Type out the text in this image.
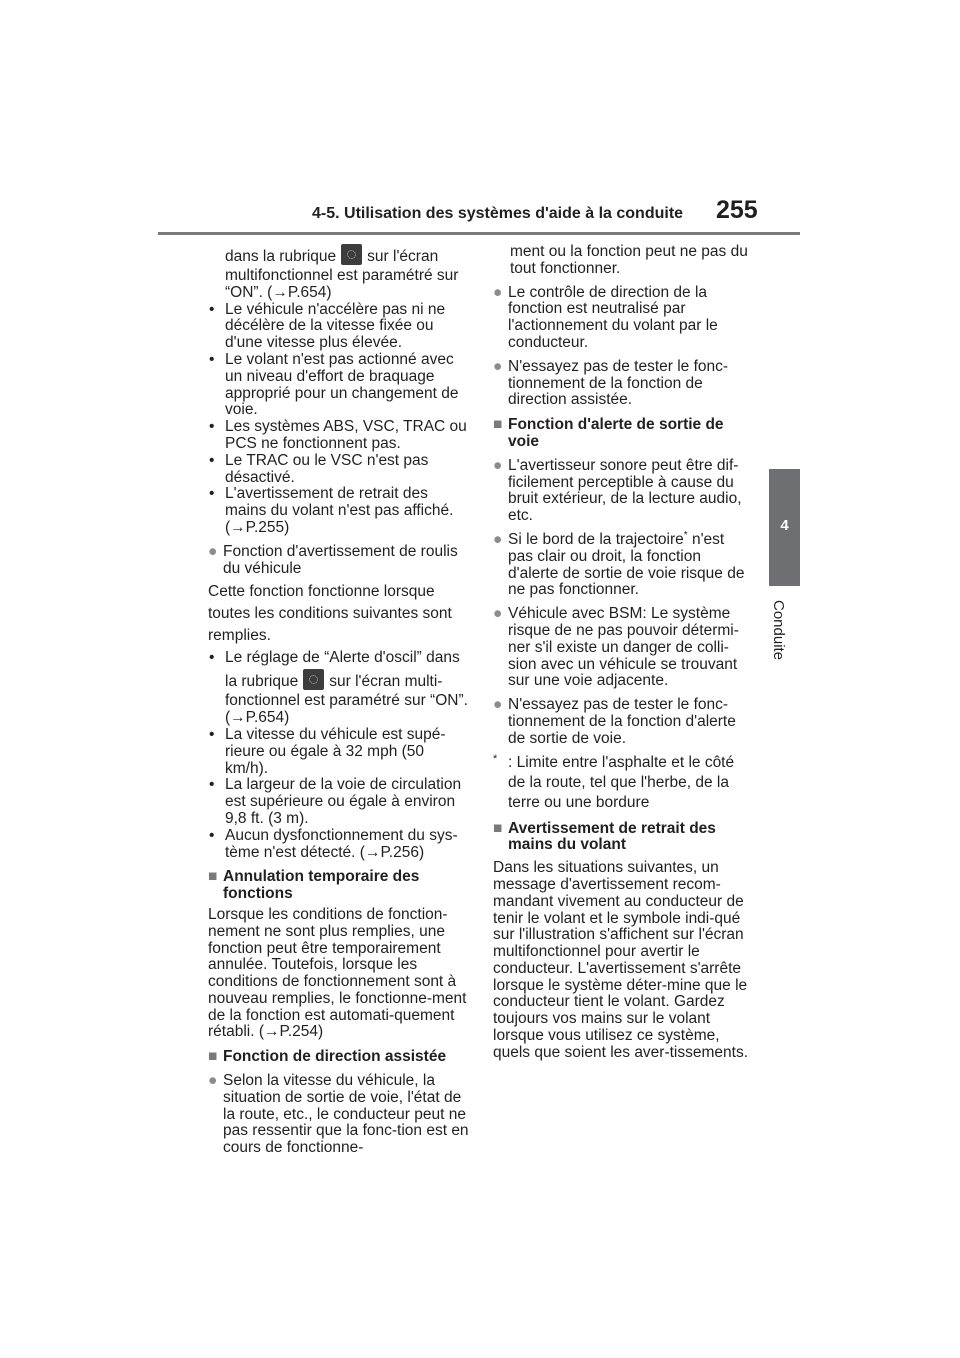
4-5. Utilisation des systèmes d'aide à la conduite 255
4
Conduite

dans la rubrique sur l'écran

multifonctionnel est paramétré sur

“ON”. (→P.654)

• Le véhicule n'accélère pas ni ne décélère de la vitesse fixée ou d'une vitesse plus élevée.
• Le volant n'est pas actionné avec un niveau d'effort de braquage approprié pour un changement de voie.
• Les systèmes ABS, VSC, TRAC ou PCS ne fonctionnent pas.
• Le TRAC ou le VSC n'est pas désactivé.
• L'avertissement de retrait des mains du volant n'est pas affiché. (→P.255)
● Fonction d'avertissement de roulis du véhicule

Cette fonction fonctionne lorsque toutes les conditions suivantes sont remplies.

• Le réglage de “Alerte d'oscil” dans
la rubrique sur l'écran multi-
fonctionnel est paramétré sur “ON”. (→P.654)
• La vitesse du véhicule est supé-rieure ou égale à 32 mph (50 km/h).
• La largeur de la voie de circulation est supérieure ou égale à environ 9,8 ft. (3 m).
• Aucun dysfonctionnement du sys-tème n'est détecté. (→P.256)
■ Annulation temporaire des fonctions

Lorsque les conditions de fonction-nement ne sont plus remplies, une fonction peut être temporairement annulée. Toutefois, lorsque les conditions de fonctionnement sont à nouveau remplies, le fonctionne-ment de la fonction est automati-quement rétabli. (→P.254)

■ Fonction de direction assistée
● Selon la vitesse du véhicule, la situation de sortie de voie, l'état de la route, etc., le conducteur peut ne pas ressentir que la fonc-tion est en cours de fonctionne-

ment ou la fonction peut ne pas du tout fonctionner.

● Le contrôle de direction de la fonction est neutralisé par l'actionnement du volant par le conducteur.
● N'essayez pas de tester le fonc-tionnement de la fonction de direction assistée.
■ Fonction d'alerte de sortie de voie
● L'avertisseur sonore peut être dif-ficilement perceptible à cause du bruit extérieur, de la lecture audio, etc.
● Si le bord de la trajectoire* n'est pas clair ou droit, la fonction d'alerte de sortie de voie risque de ne pas fonctionner.
● Véhicule avec BSM: Le système risque de ne pas pouvoir détermi-ner s'il existe un danger de colli-sion avec un véhicule se trouvant sur une voie adjacente.
● N'essayez pas de tester le fonc-tionnement de la fonction d'alerte de sortie de voie.
* : Limite entre l'asphalte et le côté de la route, tel que l'herbe, de la terre ou une bordure
■ Avertissement de retrait des mains du volant

Dans les situations suivantes, un message d'avertissement recom-mandant vivement au conducteur de tenir le volant et le symbole indi-qué sur l'illustration s'affichent sur l'écran multifonctionnel pour avertir le conducteur. L'avertissement s'arrête lorsque le système déter-mine que le conducteur tient le volant. Gardez toujours vos mains sur le volant lorsque vous utilisez ce système, quels que soient les aver-tissements.
